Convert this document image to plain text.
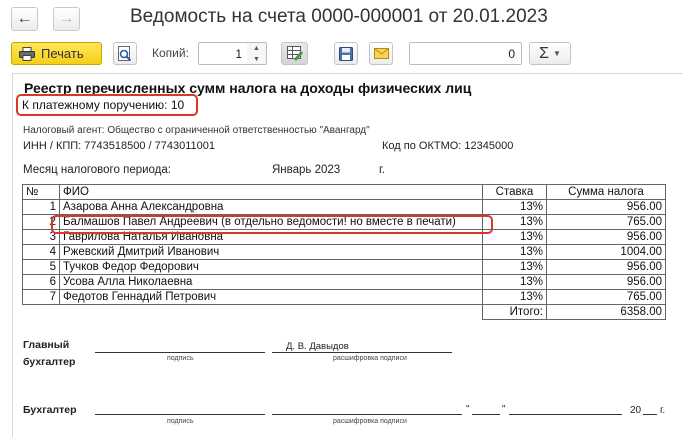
← →	Ведомость на счета 0000-000001 от 20.01.2023
Печать	Копий:	1	▲
▼	0	Σ ▼
Реестр перечисленных сумм налога на доходы физических лиц
К платежному поручению: 10
Налоговый агент: Общество с ограниченной ответственностью "Авангард"
ИНН / КПП: 7743518500 / 7743011001	Код по ОКТМО: 12345000
Месяц налогового периода:	Январь 2023	г.
№	ФИО	Ставка	Сумма налога
1	Азарова Анна Александровна	13%	956.00
2	Балмашов Павел Андреевич (в отдельно ведомости! но вместе в печати)	13%	765.00
3	Гаврилова Наталья Ивановна	13%	956.00
4	Ржевский Дмитрий Иванович	13%	1004.00
5	Тучков Федор Федорович	13%	956.00
6	Усова Алла Николаевна	13%	956.00
7	Федотов Геннадий Петрович	13%	765.00
		Итого:	6358.00
Главный
бухгалтер	подпись
Д. В. Давыдов
расшифровка подписи
Бухгалтер
подпись	расшифровка подписи
"	"	20 г.
